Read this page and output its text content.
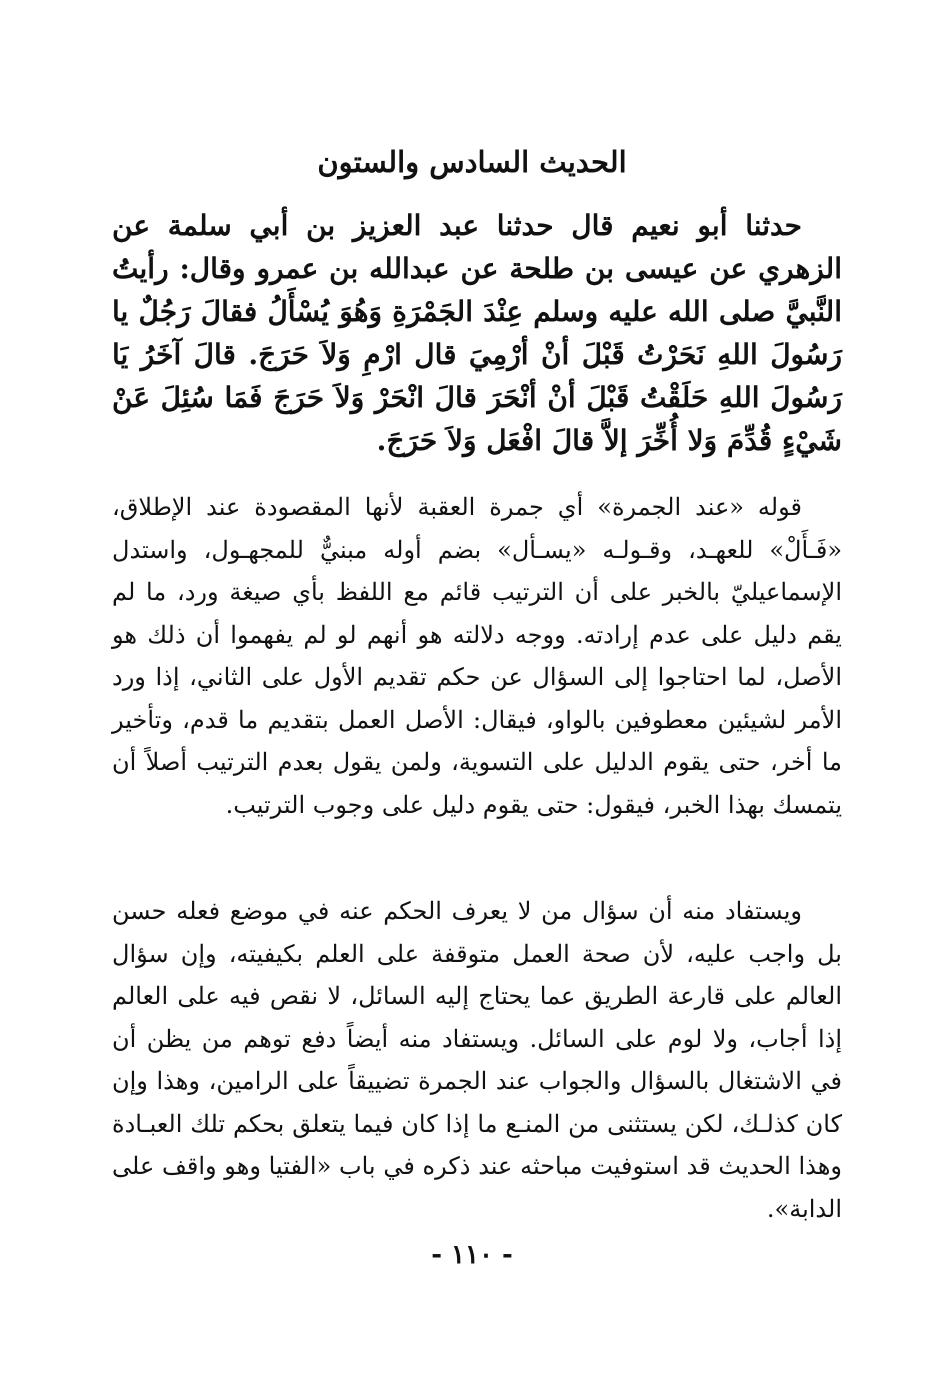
الحديث السادس والستون

حدثنا أبو نعيم قال حدثنا عبد العزيز بن أبي سلمة عن الزهري عن عيسى بن طلحة عن عبدالله بن عمرو وقال: رأيتُ النَّبيَّ صلى الله عليه وسلم عِنْدَ الجَمْرَةِ وَهُوَ يُسْأَلُ فقالَ رَجُلٌ يا رَسُولَ اللهِ نَحَرْتُ قَبْلَ أنْ أرْمِيَ قال ارْمِ وَلاَ حَرَجَ. قالَ آخَرُ يَا رَسُولَ اللهِ حَلَقْتُ قَبْلَ أنْ أنْحَرَ قالَ انْحَرْ وَلاَ حَرَجَ فَمَا سُئِلَ عَنْ شَيْءٍ قُدِّمَ وَلا أُخِّرَ إلاَّ قالَ افْعَل وَلاَ حَرَجَ.

قوله «عند الجمرة» أي جمرة العقبة لأنها المقصودة عند الإطلاق، «فَـأَلْ» للعهـد، وقـولـه «يسـأل» بضم أوله مبنيٌّ للمجهـول، واستدل الإسماعيليّ بالخبر على أن الترتيب قائم مع اللفظ بأي صيغة ورد، ما لم يقم دليل على عدم إرادته. ووجه دلالته هو أنهم لو لم يفهموا أن ذلك هو الأصل، لما احتاجوا إلى السؤال عن حكم تقديم الأول على الثاني، إذا ورد الأمر لشيئين معطوفين بالواو، فيقال: الأصل العمل بتقديم ما قدم، وتأخير ما أخر، حتى يقوم الدليل على التسوية، ولمن يقول بعدم الترتيب أصلاً أن يتمسك بهذا الخبر، فيقول: حتى يقوم دليل على وجوب الترتيب.

ويستفاد منه أن سؤال من لا يعرف الحكم عنه في موضع فعله حسن بل واجب عليه، لأن صحة العمل متوقفة على العلم بكيفيته، وإن سؤال العالم على قارعة الطريق عما يحتاج إليه السائل، لا نقص فيه على العالم إذا أجاب، ولا لوم على السائل. ويستفاد منه أيضاً دفع توهم من يظن أن في الاشتغال بالسؤال والجواب عند الجمرة تضييقاً على الرامين، وهذا وإن كان كذلـك، لكن يستثنى من المنـع ما إذا كان فيما يتعلق بحكم تلك العبـادة وهذا الحديث قد استوفيت مباحثه عند ذكره في باب «الفتيا وهو واقف على الدابة».

- ١١٠ -
